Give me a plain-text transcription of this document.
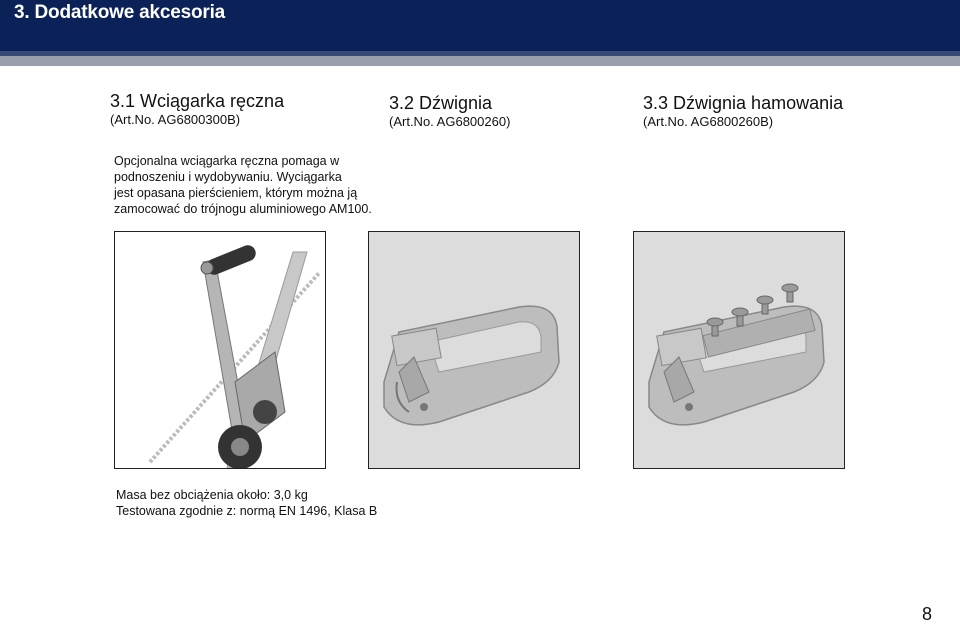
3. Dodatkowe akcesoria
3.1 Wciągarka ręczna
(Art.No. AG6800300B)
3.2 Dźwignia
(Art.No. AG6800260)
3.3 Dźwignia hamowania
(Art.No. AG6800260B)

Opcjonalna wciągarka ręczna pomaga w

podnoszeniu i wydobywaniu. Wyciągarka

jest opasana pierścieniem, którym można ją

zamocować do trójnogu aluminiowego AM100.

Masa bez obciążenia około: 3,0 kg

Testowana zgodnie z: normą EN 1496, Klasa B

8
